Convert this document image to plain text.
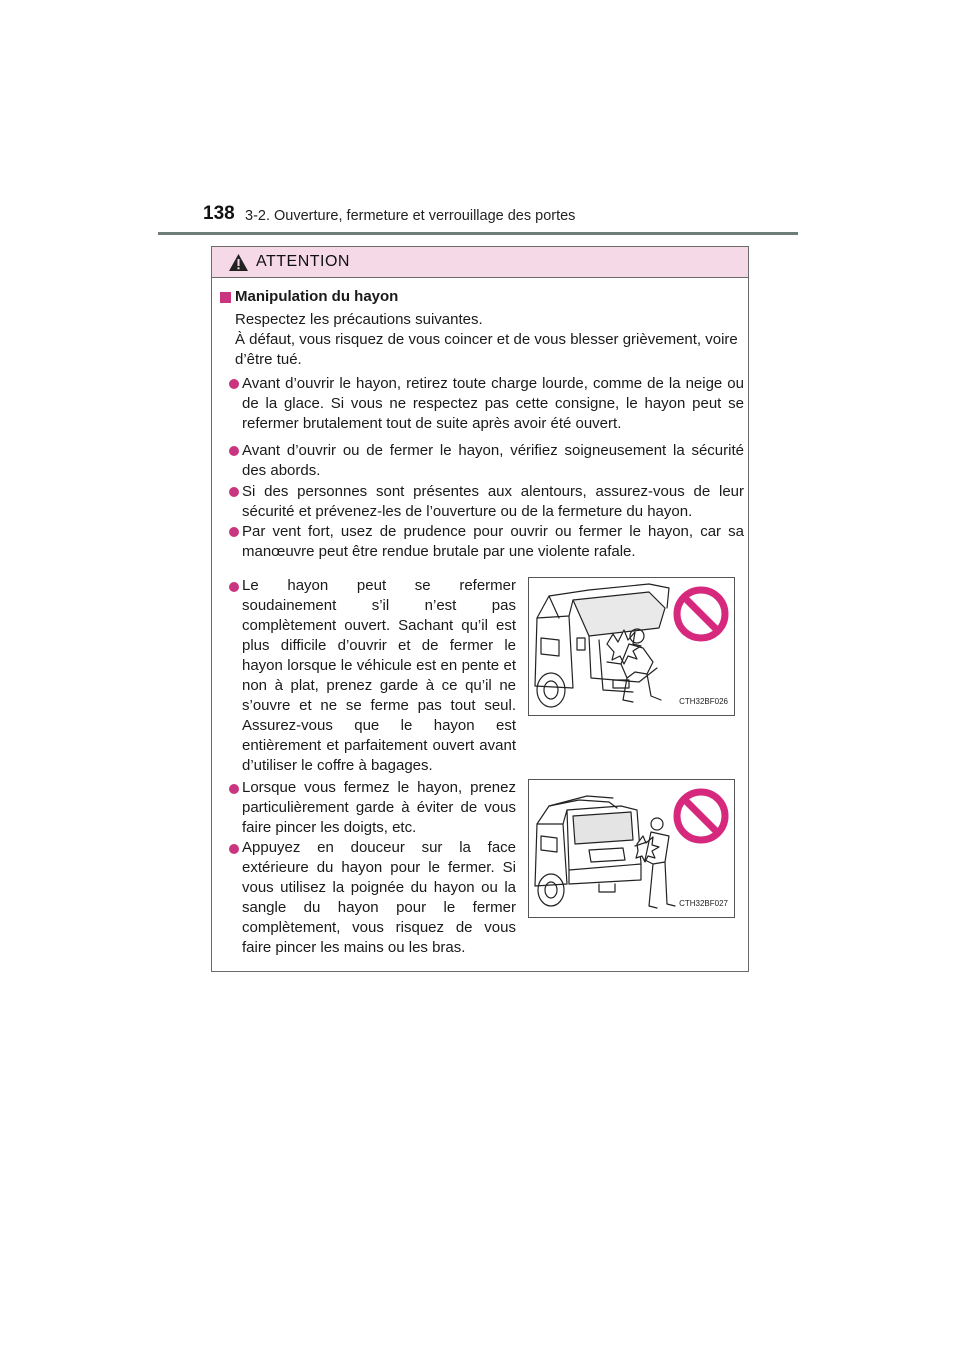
138 3-2. Ouverture, fermeture et verrouillage des portes
ATTENTION

Manipulation du hayon

Respectez les précautions suivantes.

À défaut, vous risquez de vous coincer et de vous blesser grièvement, voire d’être tué.

Avant d’ouvrir le hayon, retirez toute charge lourde, comme de la neige ou de la glace. Si vous ne respectez pas cette consigne, le hayon peut se refermer brutalement tout de suite après avoir été ouvert.

Avant d’ouvrir ou de fermer le hayon, vérifiez soigneusement la sécurité des abords.

Si des personnes sont présentes aux alentours, assurez-vous de leur sécurité et prévenez-les de l’ouverture ou de la fermeture du hayon.

Par vent fort, usez de prudence pour ouvrir ou fermer le hayon, car sa manœuvre peut être rendue brutale par une violente rafale.

Le hayon peut se refermer soudainement s’il n’est pas complètement ouvert. Sachant qu’il est plus difficile d’ouvrir et de fermer le hayon lorsque le véhicule est en pente et non à plat, prenez garde à ce qu’il ne s’ouvre et ne se ferme pas tout seul. Assurez-vous que le hayon est entièrement et parfaitement ouvert avant d’utiliser le coffre à bagages.

Lorsque vous fermez le hayon, prenez particulièrement garde à éviter de vous faire pincer les doigts, etc.

Appuyez en douceur sur la face extérieure du hayon pour le fermer. Si vous utilisez la poignée du hayon ou la sangle du hayon pour le fermer complètement, vous risquez de vous faire pincer les mains ou les bras.

CTH32BF026
CTH32BF027
